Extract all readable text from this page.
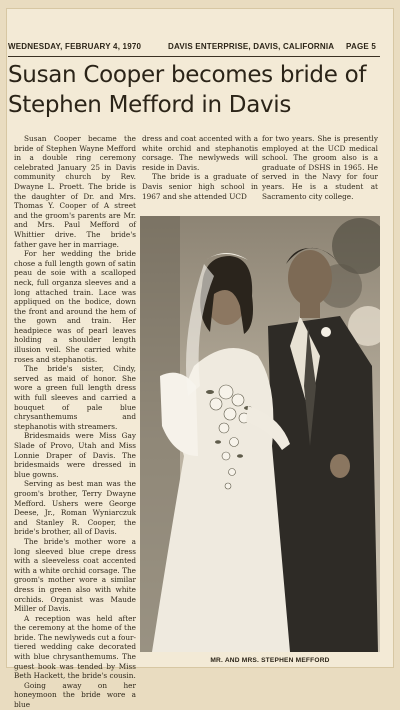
WEDNESDAY, FEBRUARY 4, 1970	DAVIS ENTERPRISE, DAVIS, CALIFORNIA PAGE 5
Susan Cooper becomes bride of
Stephen Mefford in Davis

Susan Cooper became the bride of Stephen Wayne Mefford in a double ring ceremony celebrated January 25 in Davis community church by Rev. Dwayne L. Proett. The bride is the daughter of Dr. and Mrs. Thomas Y. Cooper of A street and the groom's parents are Mr. and Mrs. Paul Mefford of Whittier drive. The bride's father gave her in marriage.

For her wedding the bride chose a full length gown of satin peau de soie with a scalloped neck, full organza sleeves and a long attached train. Lace was appliqued on the bodice, down the front and around the hem of the gown and train. Her headpiece was of pearl leaves holding a shoulder length illusion veil. She carried white roses and stephanotis.

The bride's sister, Cindy, served as maid of honor. She wore a green full length dress with full sleeves and carried a bouquet of pale blue chrysanthemums and stephanotis with streamers.

Bridesmaids were Miss Gay Slade of Provo, Utah and Miss Lonnie Draper of Davis. The bridesmaids were dressed in blue gowns.

Serving as best man was the groom's brother, Terry Dwayne Mefford. Ushers were George Deese, Jr., Roman Wyniarczuk and Stanley R. Cooper, the bride's brother, all of Davis.

The bride's mother wore a long sleeved blue crepe dress with a sleeveless coat accented with a white orchid corsage. The groom's mother wore a similar dress in green also with white orchids. Organist was Maude Miller of Davis.

A reception was held after the ceremony at the home of the bride. The newlyweds cut a four-tiered wedding cake decorated with blue chrysanthemums. The guest book was tended by Miss Beth Hackett, the bride's cousin.

Going away on her honeymoon the bride wore a blue

dress and coat accented with a white orchid and stephanotis corsage. The newlyweds will reside in Davis.

The bride is a graduate of Davis senior high school in 1967 and she attended UCD

for two years. She is presently employed at the UCD medical school. The groom also is a graduate of DSHS in 1965. He served in the Navy for four years. He is a student at Sacramento city college.

MR. AND MRS. STEPHEN MEFFORD
